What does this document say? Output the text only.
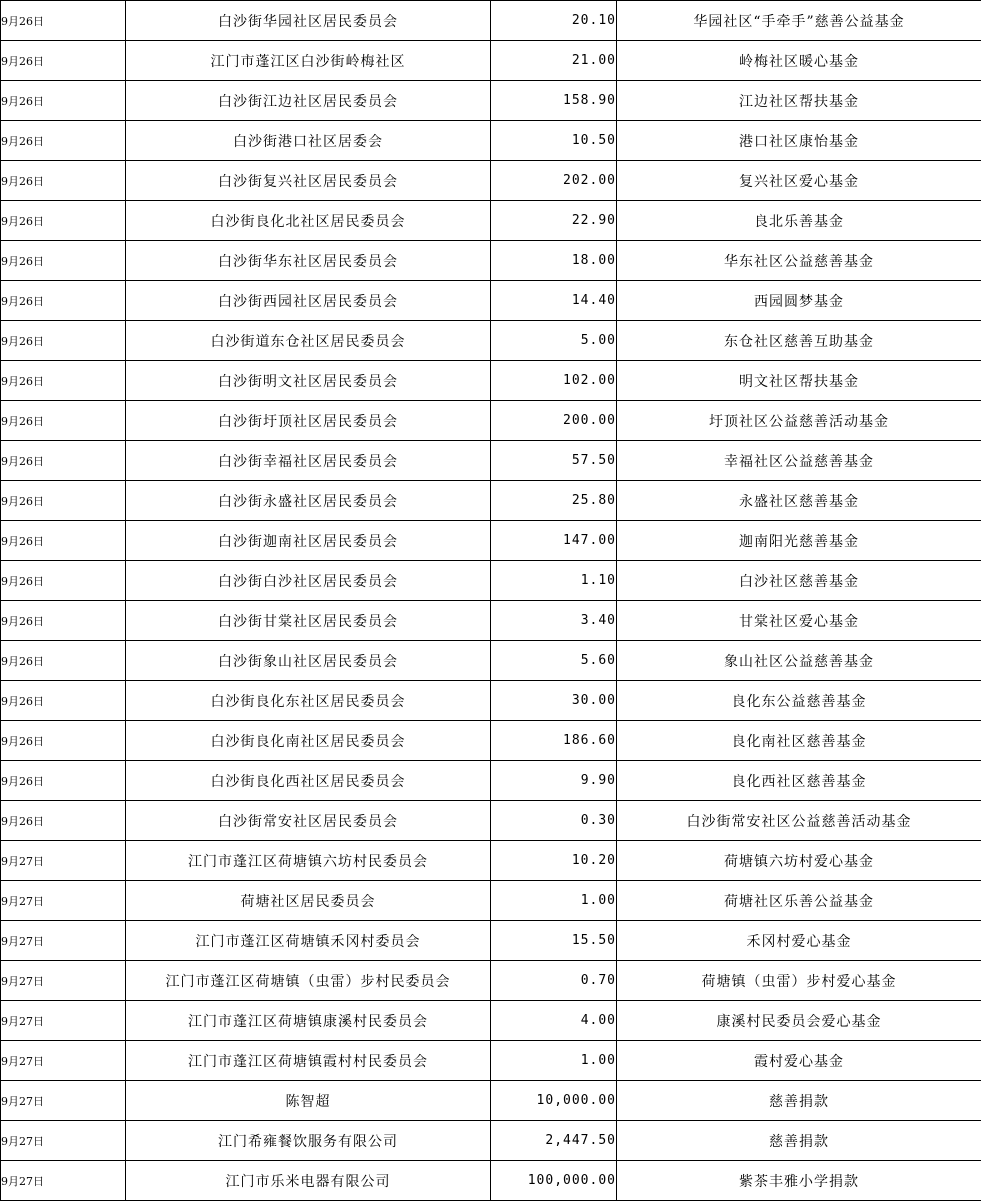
9月26日	白沙街华园社区居民委员会	20.10	华园社区“手牵手”慈善公益基金
9月26日	江门市蓬江区白沙街岭梅社区	21.00	岭梅社区暖心基金
9月26日	白沙街江边社区居民委员会	158.90	江边社区帮扶基金
9月26日	白沙街港口社区居委会	10.50	港口社区康怡基金
9月26日	白沙街复兴社区居民委员会	202.00	复兴社区爱心基金
9月26日	白沙街良化北社区居民委员会	22.90	良北乐善基金
9月26日	白沙街华东社区居民委员会	18.00	华东社区公益慈善基金
9月26日	白沙街西园社区居民委员会	14.40	西园圆梦基金
9月26日	白沙街道东仓社区居民委员会	5.00	东仓社区慈善互助基金
9月26日	白沙街明文社区居民委员会	102.00	明文社区帮扶基金
9月26日	白沙街圩顶社区居民委员会	200.00	圩顶社区公益慈善活动基金
9月26日	白沙街幸福社区居民委员会	57.50	幸福社区公益慈善基金
9月26日	白沙街永盛社区居民委员会	25.80	永盛社区慈善基金
9月26日	白沙街迦南社区居民委员会	147.00	迦南阳光慈善基金
9月26日	白沙街白沙社区居民委员会	1.10	白沙社区慈善基金
9月26日	白沙街甘棠社区居民委员会	3.40	甘棠社区爱心基金
9月26日	白沙街象山社区居民委员会	5.60	象山社区公益慈善基金
9月26日	白沙街良化东社区居民委员会	30.00	良化东公益慈善基金
9月26日	白沙街良化南社区居民委员会	186.60	良化南社区慈善基金
9月26日	白沙街良化西社区居民委员会	9.90	良化西社区慈善基金
9月26日	白沙街常安社区居民委员会	0.30	白沙街常安社区公益慈善活动基金
9月27日	江门市蓬江区荷塘镇六坊村民委员会	10.20	荷塘镇六坊村爱心基金
9月27日	荷塘社区居民委员会	1.00	荷塘社区乐善公益基金
9月27日	江门市蓬江区荷塘镇禾冈村委员会	15.50	禾冈村爱心基金
9月27日	江门市蓬江区荷塘镇（虫雷）步村民委员会	0.70	荷塘镇（虫雷）步村爱心基金
9月27日	江门市蓬江区荷塘镇康溪村民委员会	4.00	康溪村民委员会爱心基金
9月27日	江门市蓬江区荷塘镇霞村村民委员会	1.00	霞村爱心基金
9月27日	陈智超	10,000.00	慈善捐款
9月27日	江门希雍餐饮服务有限公司	2,447.50	慈善捐款
9月27日	江门市乐米电器有限公司	100,000.00	紫茶丰雅小学捐款
